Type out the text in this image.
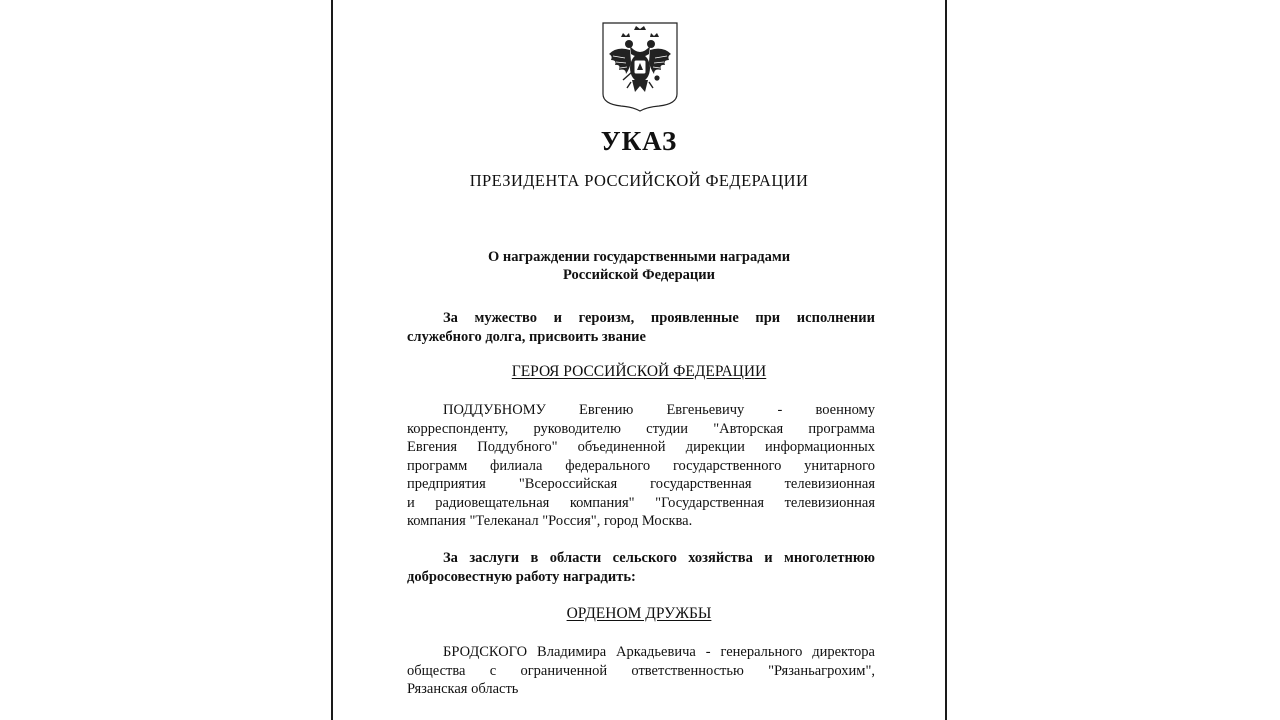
УКАЗ
ПРЕЗИДЕНТА РОССИЙСКОЙ ФЕДЕРАЦИИ
О награждении государственными наградами
Российской Федерации
За мужество и героизм, проявленные при исполнении
служебного долга, присвоить звание
ГЕРОЯ РОССИЙСКОЙ ФЕДЕРАЦИИ
ПОДДУБНОМУ Евгению Евгеньевичу - военному
корреспонденту, руководителю студии "Авторская программа
Евгения Поддубного" объединенной дирекции информационных
программ филиала федерального государственного унитарного
предприятия "Всероссийская государственная телевизионная
и радиовещательная компания" "Государственная телевизионная
компания "Телеканал "Россия", город Москва.
За заслуги в области сельского хозяйства и многолетнюю
добросовестную работу наградить:
ОРДЕНОМ ДРУЖБЫ
БРОДСКОГО Владимира Аркадьевича - генерального директора
общества с ограниченной ответственностью "Рязаньагрохим",
Рязанская область
